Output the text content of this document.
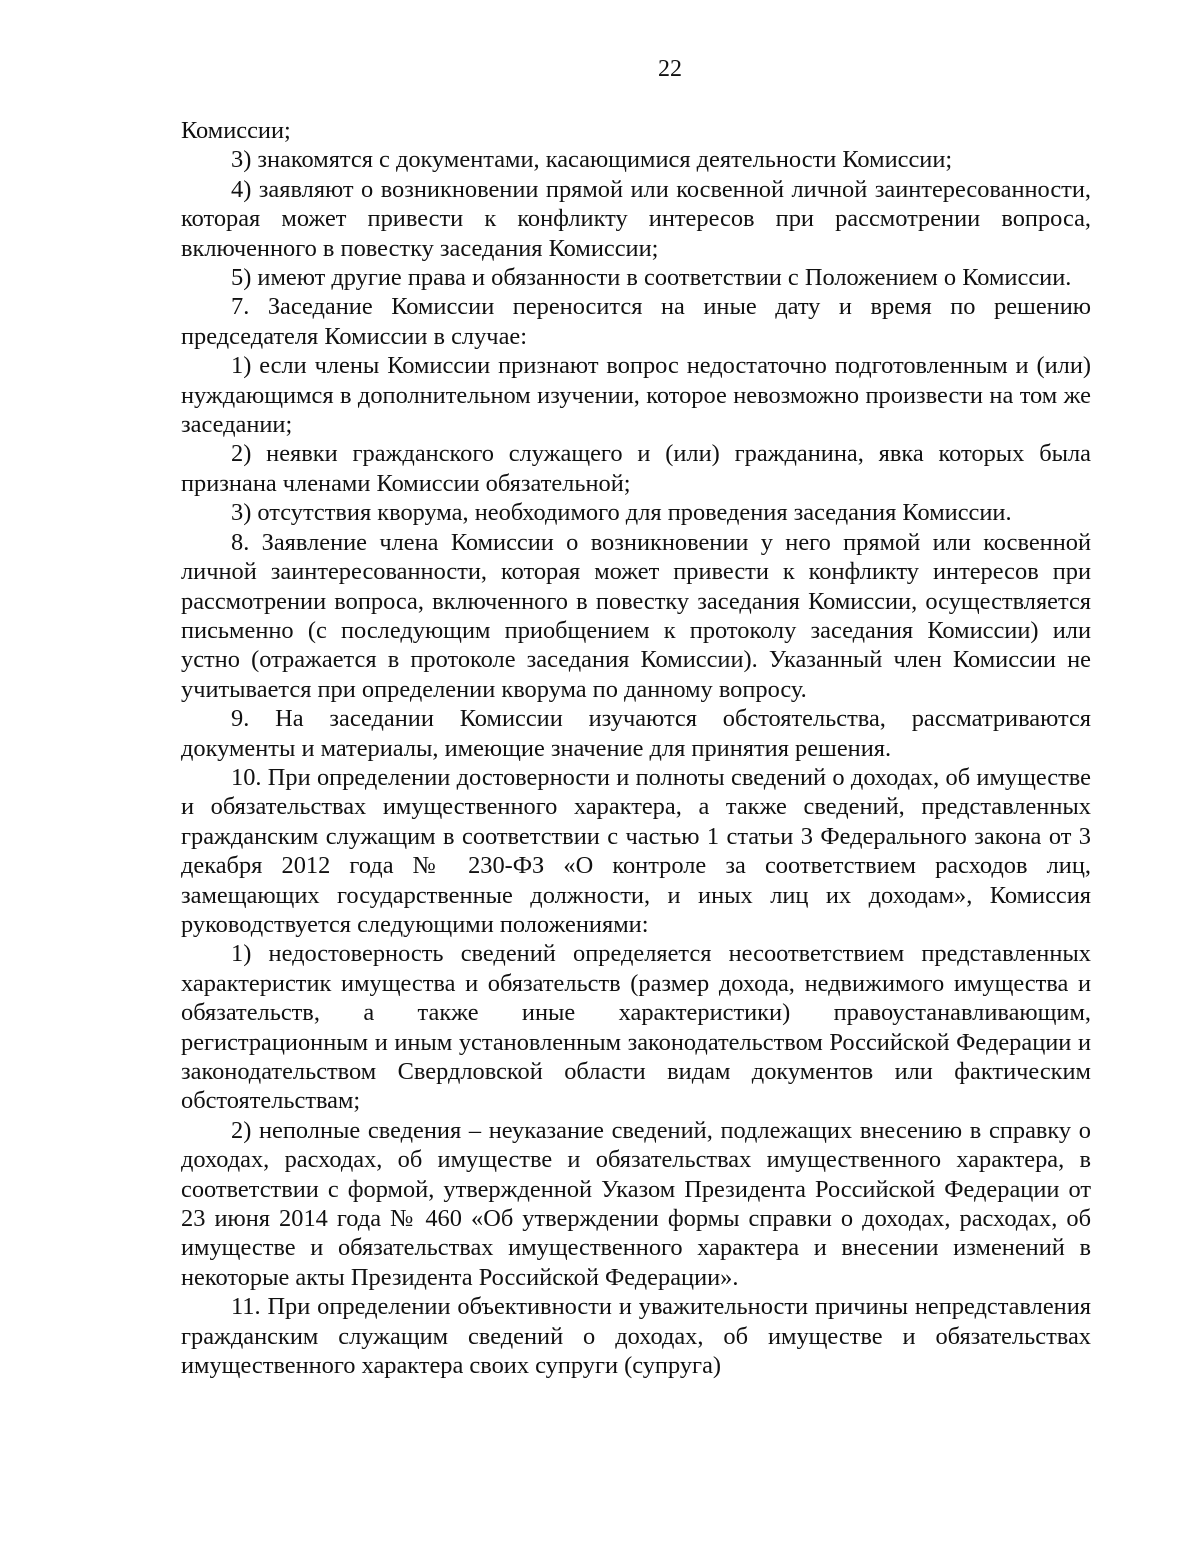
22

Комиссии;

3) знакомятся с документами, касающимися деятельности Комиссии;

4) заявляют о возникновении прямой или косвенной личной заинтересованности, которая может привести к конфликту интересов при рассмотрении вопроса, включенного в повестку заседания Комиссии;

5) имеют другие права и обязанности в соответствии с Положением о Комиссии.

7. Заседание Комиссии переносится на иные дату и время по решению председателя Комиссии в случае:

1) если члены Комиссии признают вопрос недостаточно подготовленным и (или) нуждающимся в дополнительном изучении, которое невозможно произвести на том же заседании;

2) неявки гражданского служащего и (или) гражданина, явка которых была признана членами Комиссии обязательной;

3) отсутствия кворума, необходимого для проведения заседания Комиссии.

8. Заявление члена Комиссии о возникновении у него прямой или косвенной личной заинтересованности, которая может привести к конфликту интересов при рассмотрении вопроса, включенного в повестку заседания Комиссии, осуществляется письменно (с последующим приобщением к протоколу заседания Комиссии) или устно (отражается в протоколе заседания Комиссии). Указанный член Комиссии не учитывается при определении кворума по данному вопросу.

9. На заседании Комиссии изучаются обстоятельства, рассматриваются документы и материалы, имеющие значение для принятия решения.

10. При определении достоверности и полноты сведений о доходах, об имуществе и обязательствах имущественного характера, а также сведений, представленных гражданским служащим в соответствии с частью 1 статьи 3 Федерального закона от 3 декабря 2012 года № 230-ФЗ «О контроле за соответствием расходов лиц, замещающих государственные должности, и иных лиц их доходам», Комиссия руководствуется следующими положениями:

1) недостоверность сведений определяется несоответствием представленных характеристик имущества и обязательств (размер дохода, недвижимого имущества и обязательств, а также иные характеристики) правоустанавливающим, регистрационным и иным установленным законодательством Российской Федерации и законодательством Свердловской области видам документов или фактическим обстоятельствам;

2) неполные сведения – неуказание сведений, подлежащих внесению в справку о доходах, расходах, об имуществе и обязательствах имущественного характера, в соответствии с формой, утвержденной Указом Президента Российской Федерации от 23 июня 2014 года № 460 «Об утверждении формы справки о доходах, расходах, об имуществе и обязательствах имущественного характера и внесении изменений в некоторые акты Президента Российской Федерации».

11. При определении объективности и уважительности причины непредставления гражданским служащим сведений о доходах, об имуществе и обязательствах имущественного характера своих супруги (супруга)
